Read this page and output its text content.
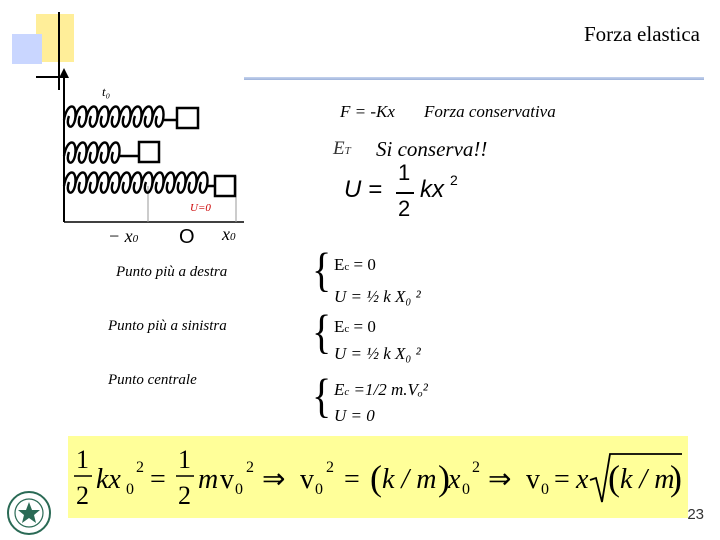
Forza elastica
t₀
U=0
− x0 O x0
F = -Kx Forza conservativa
ET Si conserva!!
U =
1
2
kx 2
Punto più a destra { Ec = 0
U = ½ k X₀ ²
Punto più a sinistra { Ec = 0
U = ½ k X₀ ²
Punto centrale	{ Ec =1/2 m.Vₒ²
U = 0
1
2
kx 0
2 =
1
2
m v 0
2 ⇒ v 0
2 = ( k / m )
x 0
2 ⇒ v 0 = x ( k / m
)
23
